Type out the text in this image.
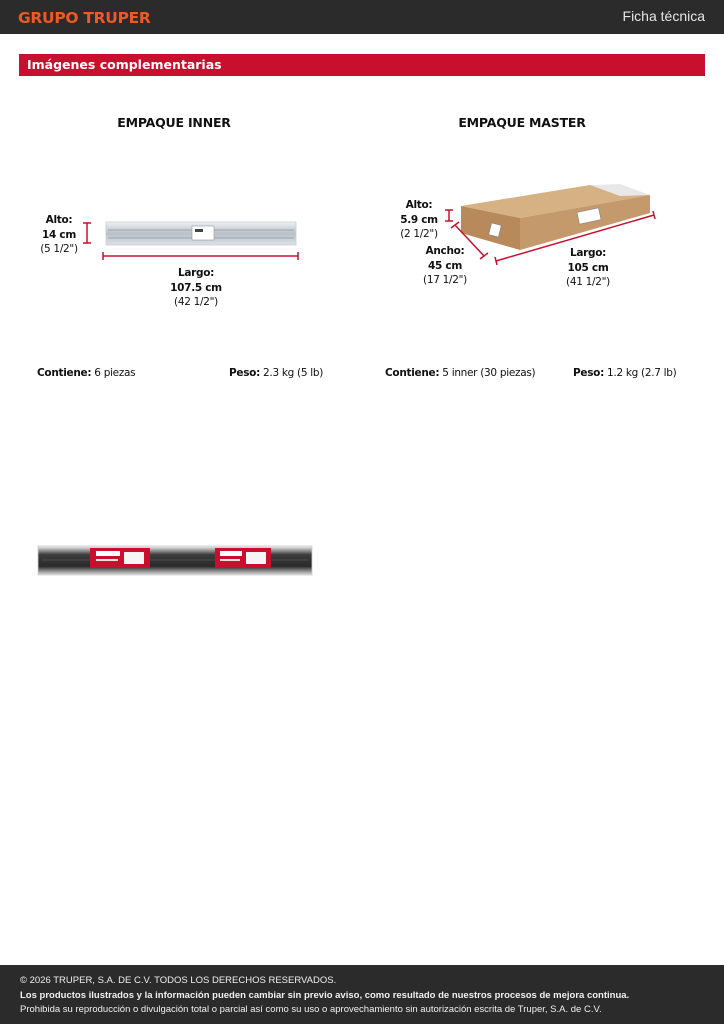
GRUPO TRUPER	Ficha técnica
Imágenes complementarias
EMPAQUE INNER	EMPAQUE MASTER
Alto:
14 cm
(5 1/2")
Largo:
107.5 cm
(42 1/2")
Alto:
5.9 cm
(2 1/2")
Ancho:
45 cm
(17 1/2")
Largo:
105 cm
(41 1/2")
Contiene: 6 piezas	Peso: 2.3 kg (5 lb)	Contiene: 5 inner (30 piezas)	Peso: 1.2 kg (2.7 lb)
© 2026 TRUPER, S.A. DE C.V. TODOS LOS DERECHOS RESERVADOS.
Los productos ilustrados y la información pueden cambiar sin previo aviso, como resultado de nuestros procesos de mejora continua.
Prohibida su reproducción o divulgación total o parcial así como su uso o aprovechamiento sin autorización escrita de Truper, S.A. de C.V.
